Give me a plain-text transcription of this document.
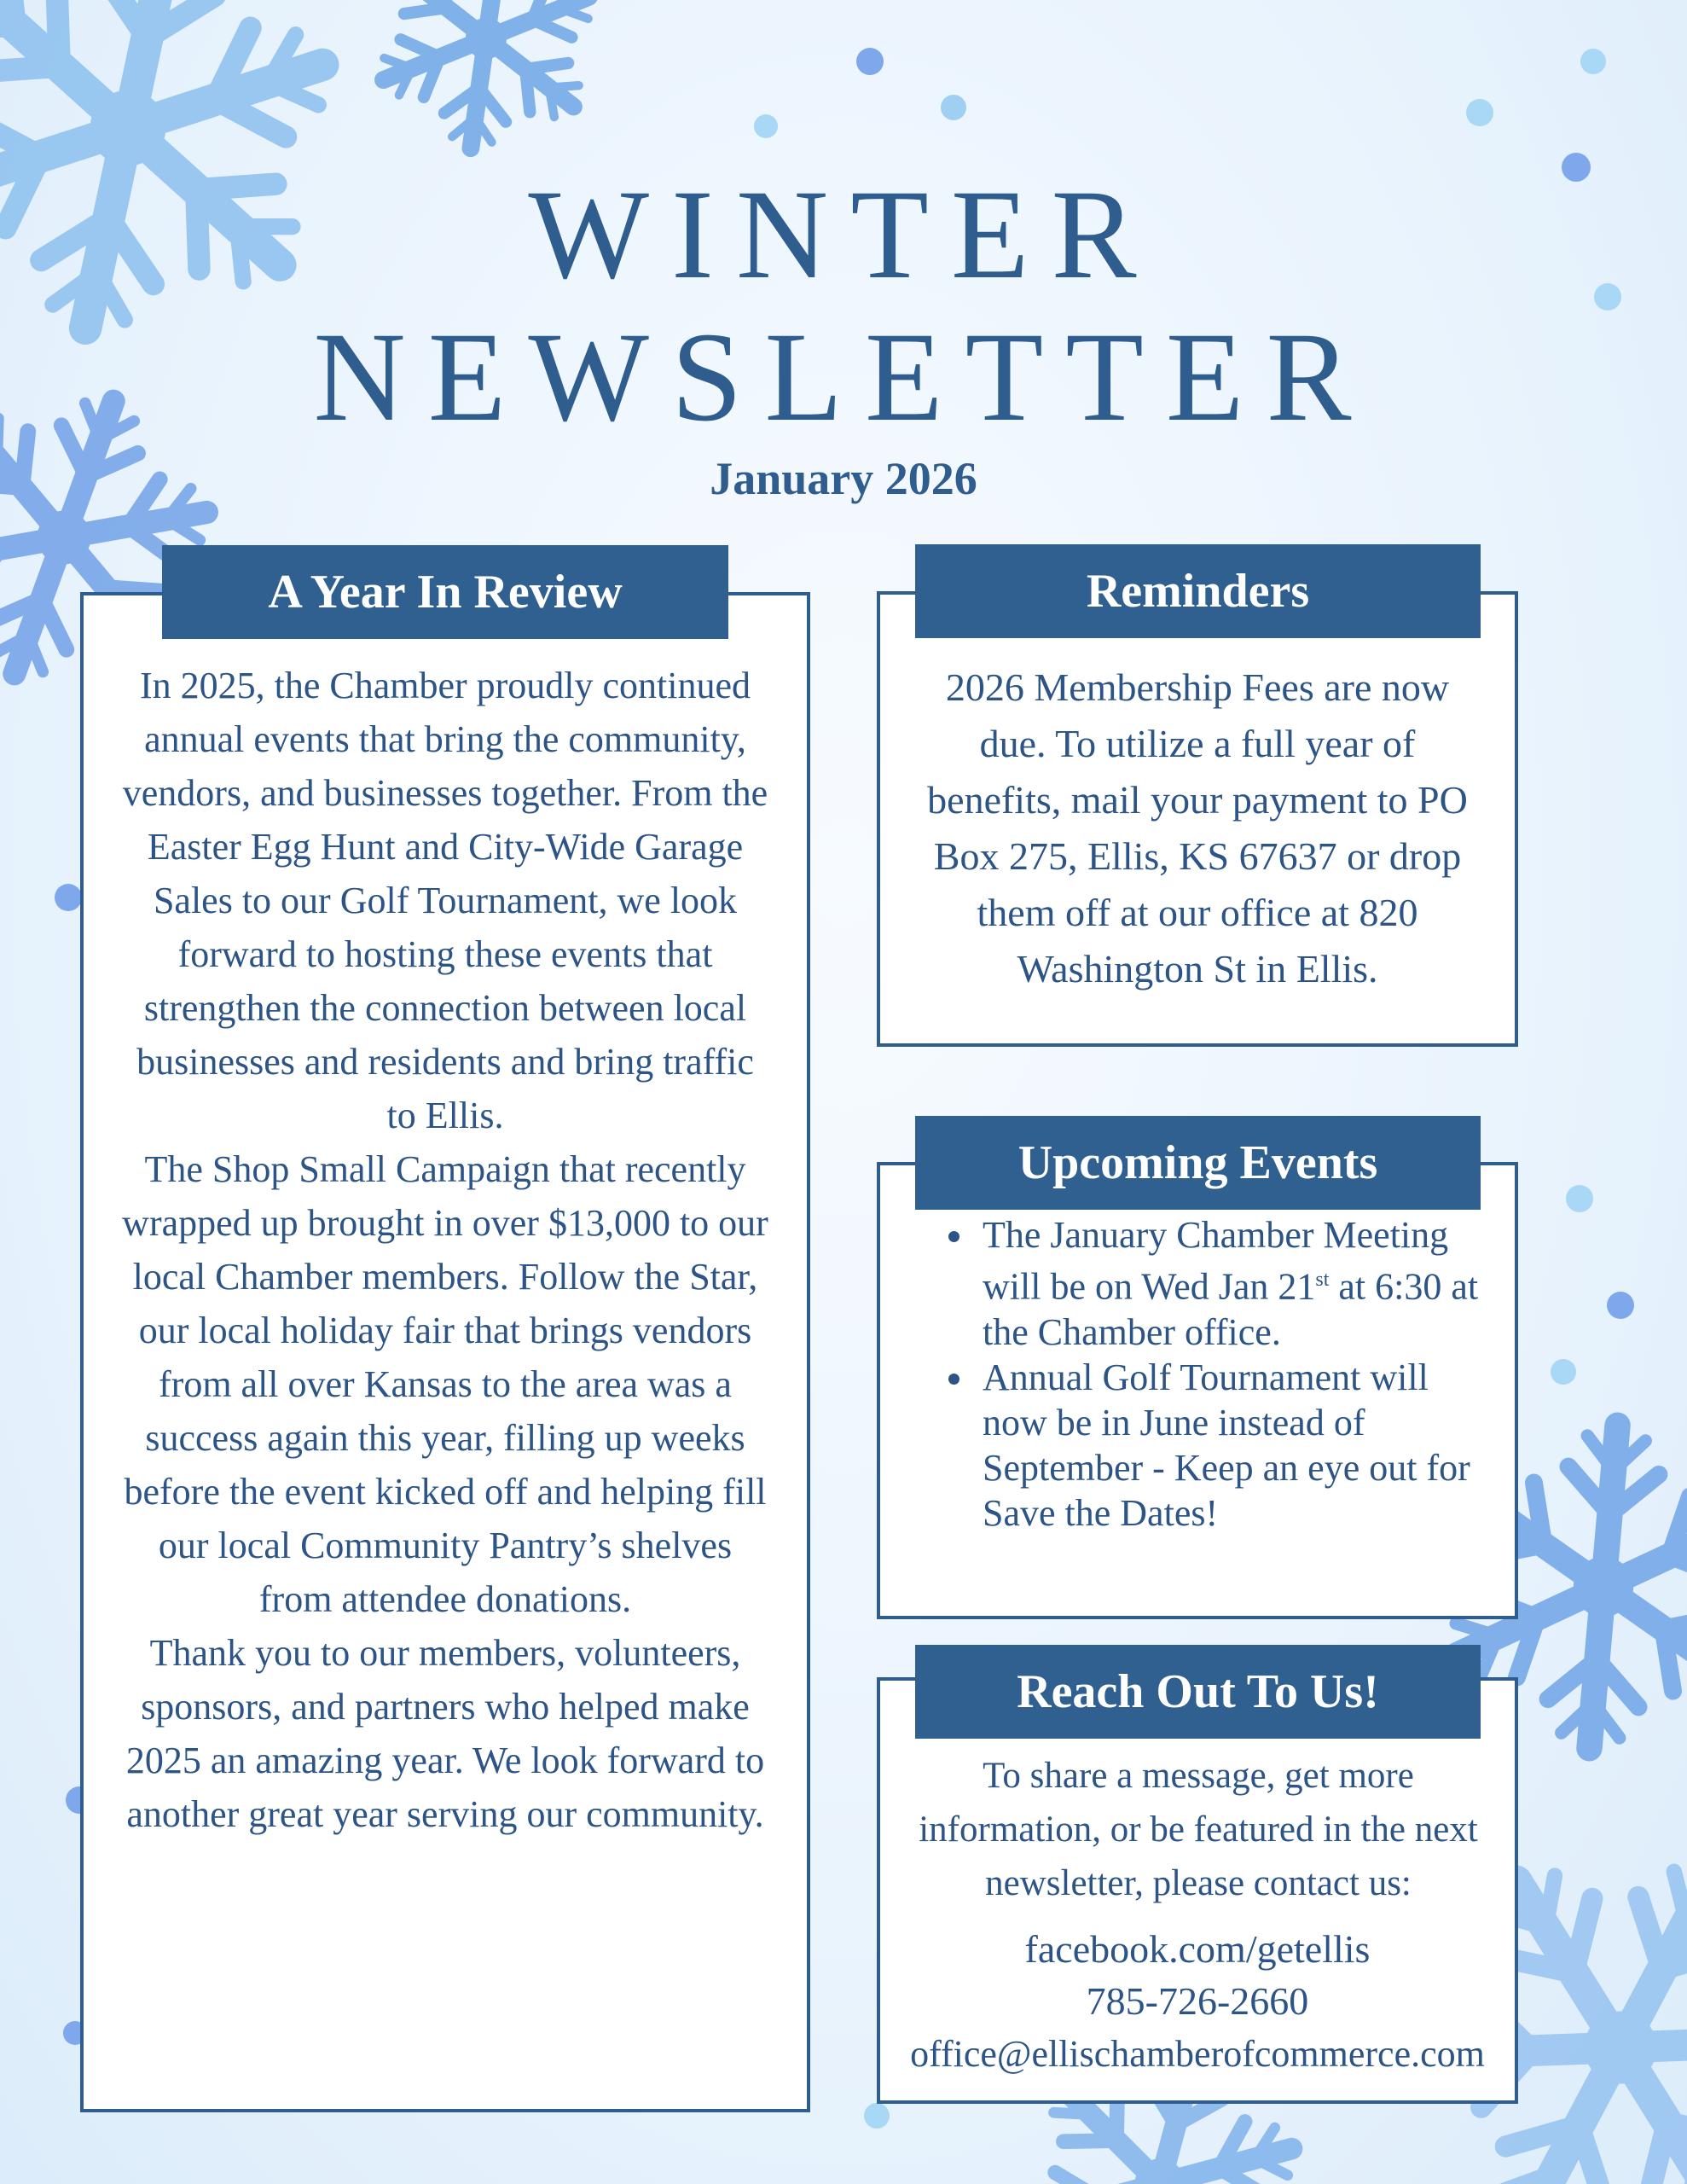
WINTER
NEWSLETTER
January 2026
A Year In Review

In 2025, the Chamber proudly continued annual events that bring the community, vendors, and businesses together. From the Easter Egg Hunt and City-Wide Garage Sales to our Golf Tournament, we look forward to hosting these events that strengthen the connection between local businesses and residents and bring traffic to Ellis.

The Shop Small Campaign that recently wrapped up brought in over $13,000 to our local Chamber members. Follow the Star, our local holiday fair that brings vendors from all over Kansas to the area was a success again this year, filling up weeks before the event kicked off and helping fill our local Community Pantry’s shelves from attendee donations.

Thank you to our members, volunteers, sponsors, and partners who helped make 2025 an amazing year. We look forward to another great year serving our community.

Reminders

2026 Membership Fees are now due. To utilize a full year of benefits, mail your payment to PO Box 275, Ellis, KS 67637 or drop them off at our office at 820 Washington St in Ellis.

Upcoming Events
The January Chamber Meeting will be on Wed Jan 21st at 6:30 at the Chamber office.
Annual Golf Tournament will now be in June instead of September - Keep an eye out for Save the Dates!
Reach Out To Us!

To share a message, get more information, or be featured in the next newsletter, please contact us:

facebook.com/getellis

785-726-2660

office@ellischamberofcommerce.com
